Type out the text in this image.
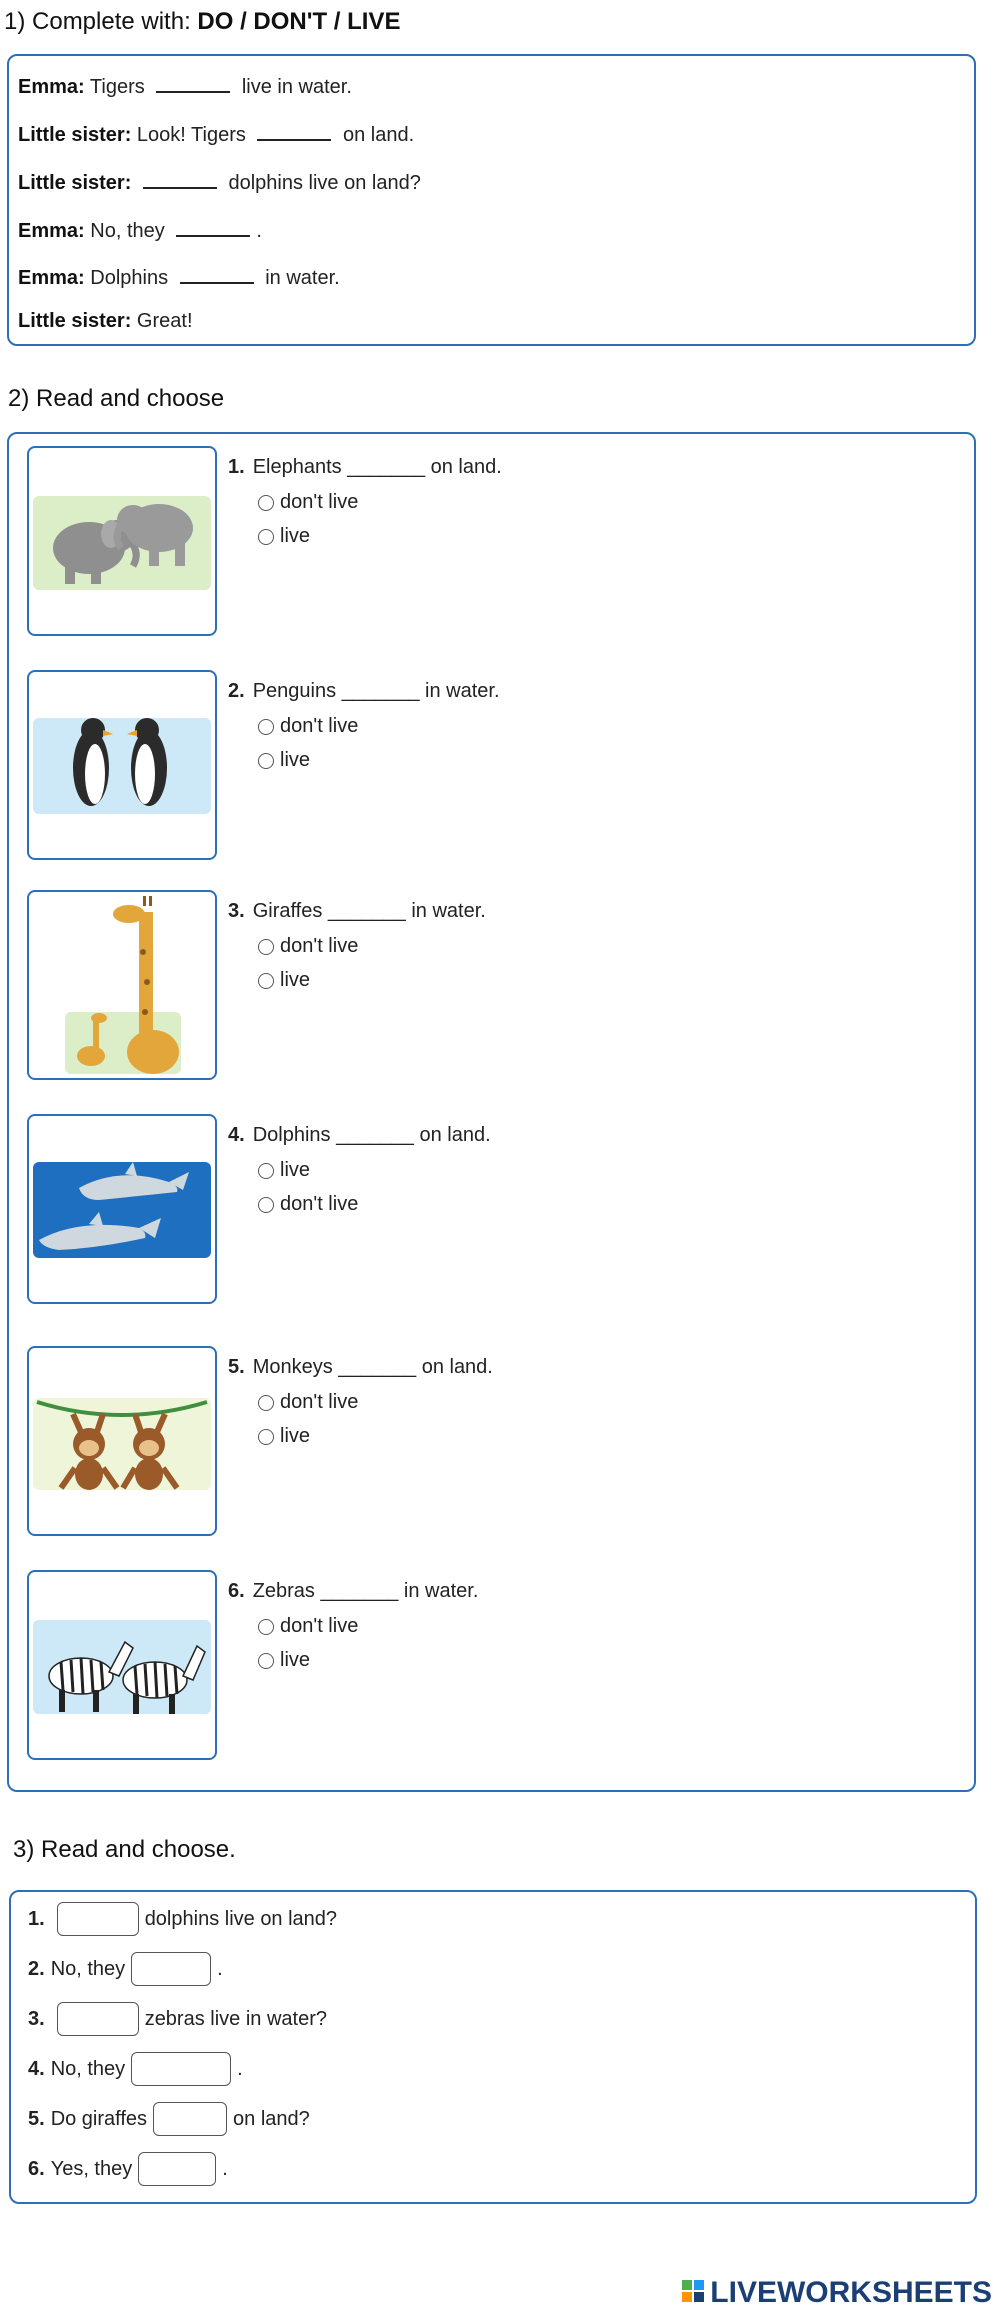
1) Complete with: DO / DON'T / LIVE
Emma: Tigers	live in water.
Little sister: Look! Tigers	on land.
Little sister:	dolphins live on land?
Emma: No, they	.
Emma: Dolphins	in water.
Little sister: Great!
2) Read and choose
1. Elephants _______ on land.
don't live
live
2. Penguins _______ in water.
don't live
live
3. Giraffes _______ in water.
don't live
live
4. Dolphins _______ on land.
live
don't live
5. Monkeys _______ on land.
don't live
live
6. Zebras _______ in water.
don't live
live
3) Read and choose.
1.	dolphins live on land?
2. No, they	.
3.	zebras live in water?
4. No, they	.
5. Do giraffes	on land?
6. Yes, they	.
LIVEWORKSHEETS
